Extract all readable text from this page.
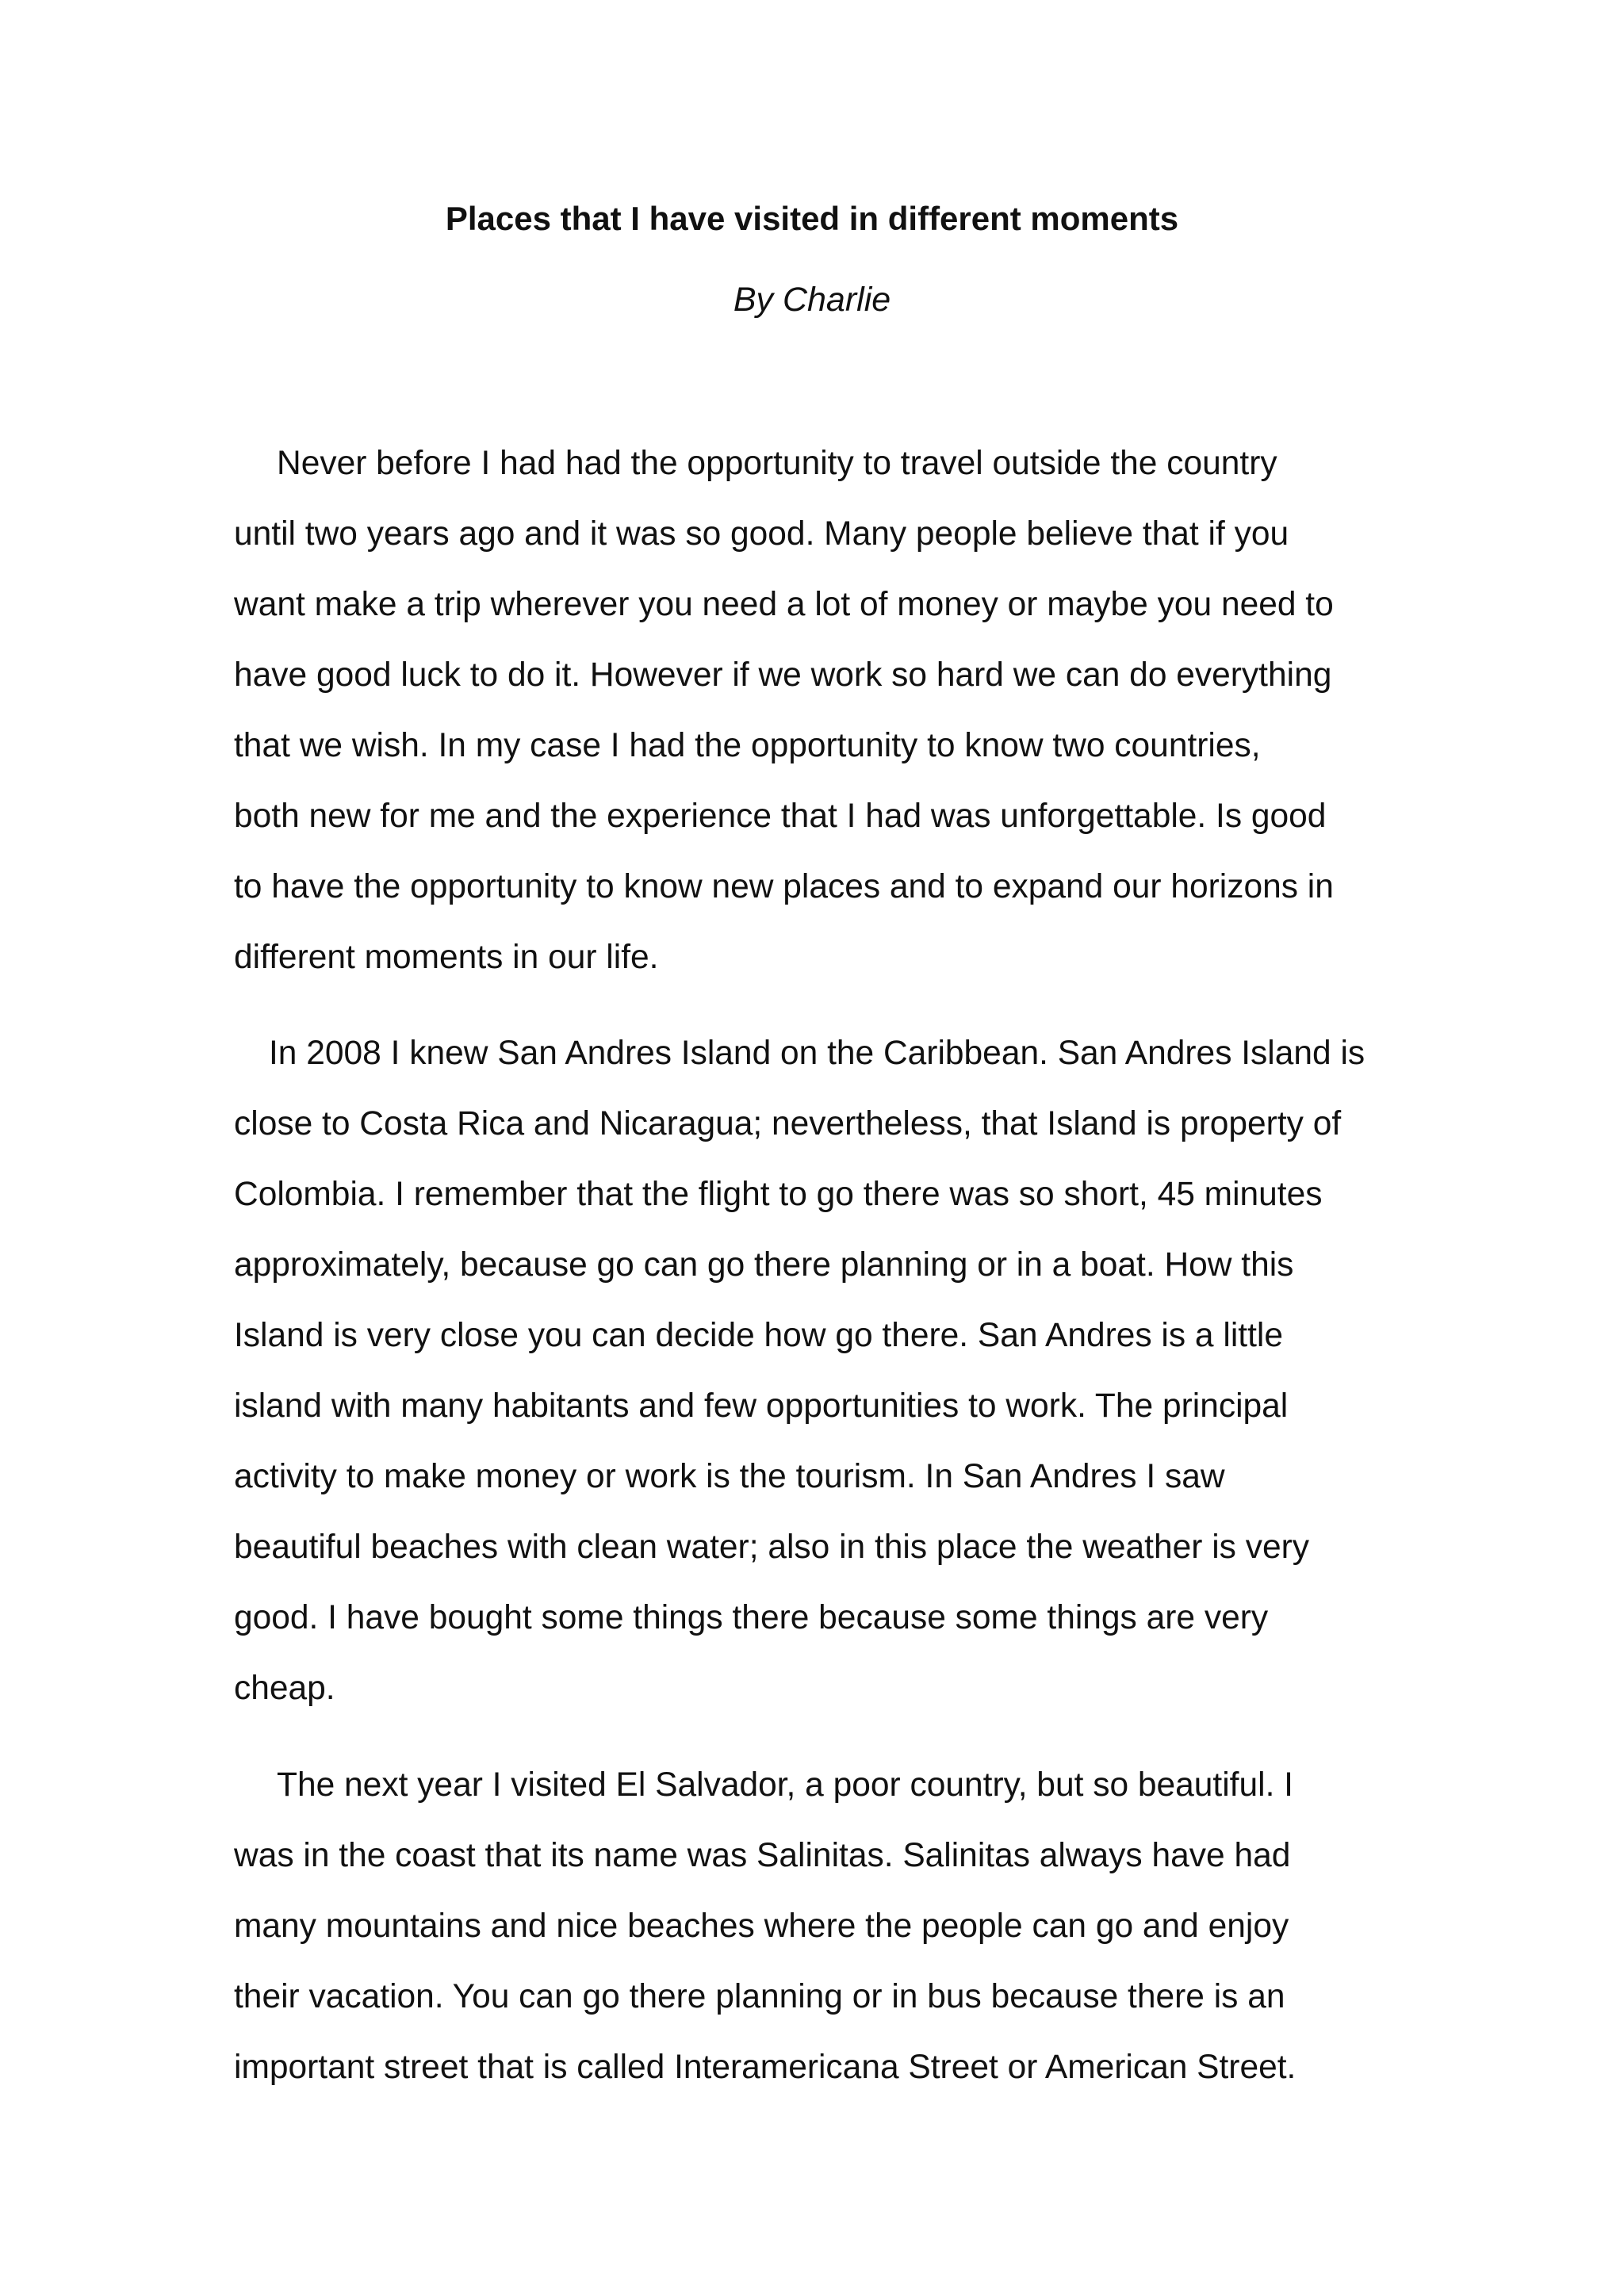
Places that I have visited in different moments
By Charlie
Never before I had had the opportunity to travel outside the country
until two years ago and it was so good. Many people believe that if you
want make a trip wherever you need a lot of money or maybe you need to
have good luck to do it. However if we work so hard we can do everything
that we wish. In my case I had the opportunity to know two countries,
both new for me and the experience that I had was unforgettable. Is good
to have the opportunity to know new places and to expand our horizons in
different moments in our life.
In 2008 I knew San Andres Island on the Caribbean. San Andres Island is
close to Costa Rica and Nicaragua; nevertheless, that Island is property of
Colombia. I remember that the flight to go there was so short, 45 minutes
approximately, because go can go there planning or in a boat. How this
Island is very close you can decide how go there. San Andres is a little
island with many habitants and few opportunities to work. The principal
activity to make money or work is the tourism. In San Andres I saw
beautiful beaches with clean water; also in this place the weather is very
good. I have bought some things there because some things are very
cheap.
The next year I visited El Salvador, a poor country, but so beautiful. I
was in the coast that its name was Salinitas. Salinitas always have had
many mountains and nice beaches where the people can go and enjoy
their vacation. You can go there planning or in bus because there is an
important street that is called Interamericana Street or American Street.
